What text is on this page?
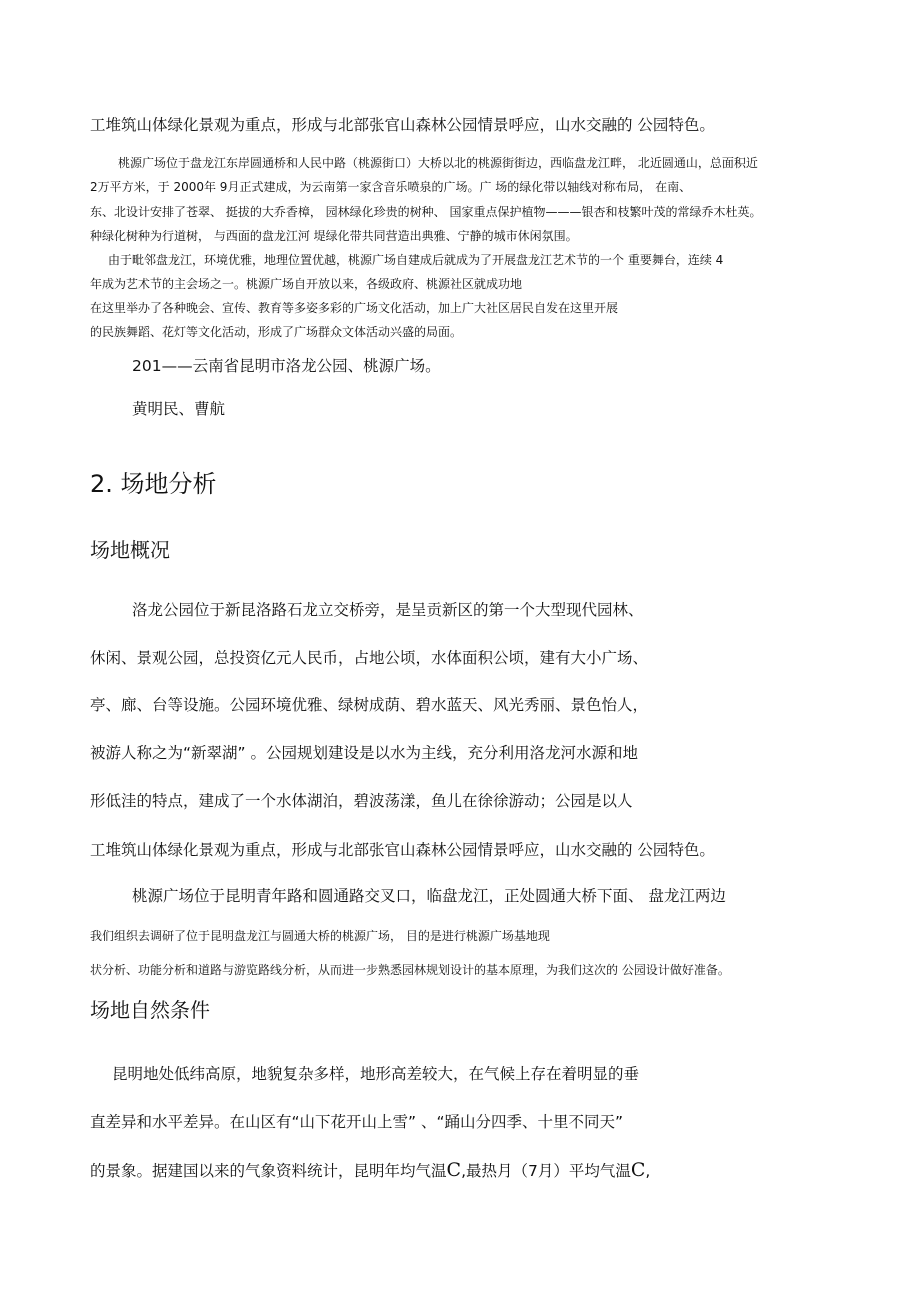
工堆筑山体绿化景观为重点，形成与北部张官山森林公园情景呼应，山水交融的 公园特色。
桃源广场位于盘龙江东岸圆通桥和人民中路（桃源街口）大桥以北的桃源街街边，西临盘龙江畔， 北近圆通山，总面积近
2万平方米，于 2000年 9月正式建成，为云南第一家含音乐喷泉的广场。广 场的绿化带以轴线对称布局， 在南、
东、北设计安排了苍翠、 挺拔的大乔香樟， 园林绿化珍贵的树种、 国家重点保护植物———银杏和枝繁叶茂的常绿乔木杜英。
种绿化树种为行道树， 与西面的盘龙江河 堤绿化带共同营造出典雅、宁静的城市休闲氛围。
由于毗邻盘龙江，环境优雅，地理位置优越，桃源广场自建成后就成为了开展盘龙江艺术节的一个 重要舞台，连续 4
年成为艺术节的主会场之一。桃源广场自开放以来，各级政府、桃源社区就成功地
在这里举办了各种晚会、宣传、教育等多姿多彩的广场文化活动，加上广大社区居民自发在这里开展
的民族舞蹈、花灯等文化活动，形成了广场群众文体活动兴盛的局面。
201——云南省昆明市洛龙公园、桃源广场。
黄明民、曹航
2. 场地分析
场地概况
洛龙公园位于新昆洛路石龙立交桥旁，是呈贡新区的第一个大型现代园林、
休闲、景观公园，总投资亿元人民币，占地公顷，水体面积公顷，建有大小广场、
亭、廊、台等设施。公园环境优雅、绿树成荫、碧水蓝天、风光秀丽、景色怡人，
被游人称之为“新翠湖” 。公园规划建设是以水为主线，充分利用洛龙河水源和地
形低洼的特点，建成了一个水体湖泊，碧波荡漾，鱼儿在徐徐游动；公园是以人
工堆筑山体绿化景观为重点，形成与北部张官山森林公园情景呼应，山水交融的 公园特色。
桃源广场位于昆明青年路和圆通路交叉口，临盘龙江，正处圆通大桥下面、 盘龙江两边
我们组织去调研了位于昆明盘龙江与圆通大桥的桃源广场， 目的是进行桃源广场基地现
状分析、功能分析和道路与游览路线分析，从而进一步熟悉园林规划设计的基本原理，为我们这次的 公园设计做好准备。
场地自然条件
昆明地处低纬高原，地貌复杂多样，地形高差较大，在气候上存在着明显的垂
直差异和水平差异。在山区有“山下花开山上雪” 、“踊山分四季、十里不同天”
的景象。据建国以来的气象资料统计，昆明年均气温C,最热月（7月）平均气温C,
